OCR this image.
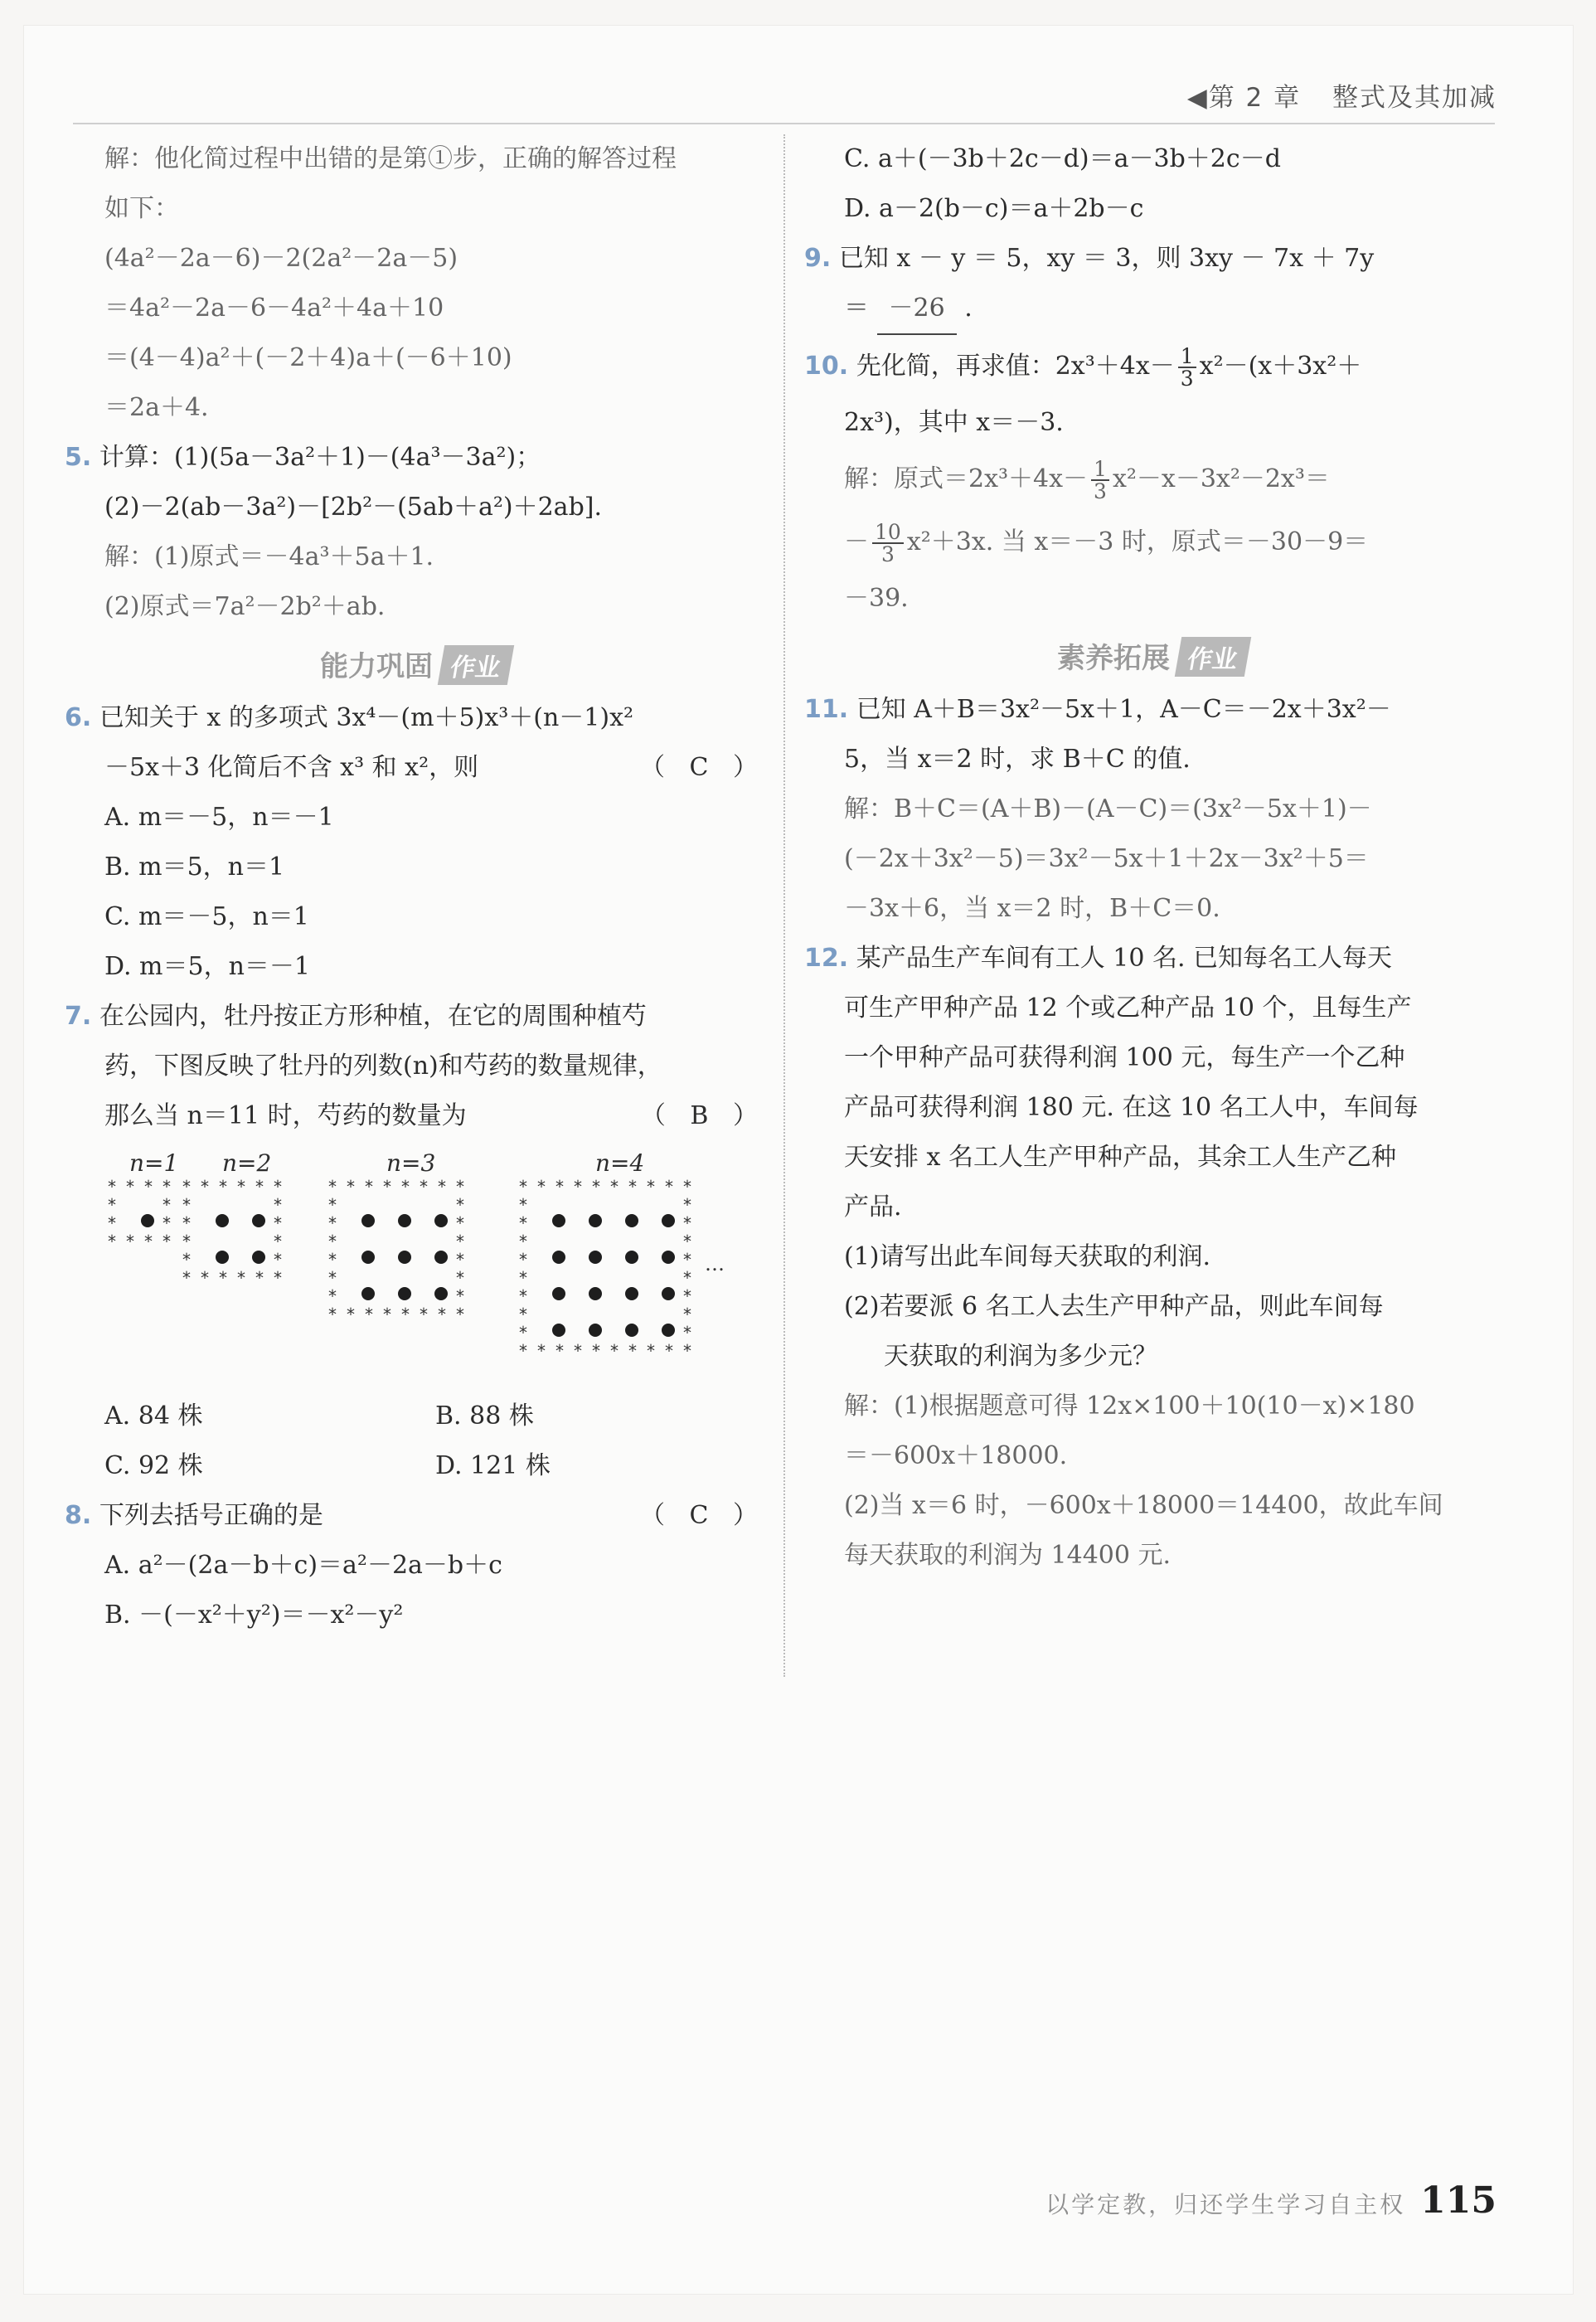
◀第 2 章 整式及其加减
解：他化简过程中出错的是第①步，正确的解答过程
如下：
(4a²－2a－6)－2(2a²－2a－5)
＝4a²－2a－6－4a²＋4a＋10
＝(4－4)a²＋(－2＋4)a＋(－6＋10)
＝2a＋4.
5. 计算：(1)(5a－3a²＋1)－(4a³－3a²)；
(2)－2(ab－3a²)－[2b²－(5ab＋a²)＋2ab].
解：(1)原式＝－4a³＋5a＋1.
(2)原式＝7a²－2b²＋ab.
能力巩固 作业
6. 已知关于 x 的多项式 3x⁴－(m＋5)x³＋(n－1)x²
－5x＋3 化简后不含 x³ 和 x²，则	（ C ）
A. m＝－5，n＝－1
B. m＝5，n＝1
C. m＝－5，n＝1
D. m＝5，n＝－1
7. 在公园内，牡丹按正方形种植，在它的周围种植芍
药，下图反映了牡丹的列数(n)和芍药的数量规律，
那么当 n＝11 时，芍药的数量为	（ B ）
n=1
* * * *
*	*
*	*
* * * *
n=2
* * * * * *
*	*
*	*
*	*
*	*
* * * * * *
n=3
* * * * * * * *
*	*
*	*
*	*
*	*
*	*
*	*
* * * * * * * *
n=4
* * * * * * * * * *
*	*
*	*
*	*
*	*
*	*
*	*
*	*
*	*
* * * * * * * * * *
…
A. 84 株	B. 88 株
C. 92 株	D. 121 株
8. 下列去括号正确的是	（ C ）
A. a²－(2a－b＋c)＝a²－2a－b＋c
B. －(－x²＋y²)＝－x²－y²
C. a＋(－3b＋2c－d)＝a－3b＋2c－d
D. a－2(b－c)＝a＋2b－c
9. 已知 x － y ＝ 5，xy ＝ 3，则 3xy － 7x ＋ 7y
＝ －26 .
10. 先化简，再求值：$2x^3+4x- \frac{1}{3} x^2-(x+3x^2+$
2x³)，其中 x＝－3.
解：原式$=2x^3+4x- \frac{1}{3} x^2-x-3x^2-2x^3=$
－ $\frac{10}{3} x^2+3x$. 当 x＝－3 时，原式＝－30－9＝
－39.
素养拓展 作业
11. 已知 A＋B＝3x²－5x＋1，A－C＝－2x＋3x²－
5，当 x＝2 时，求 B＋C 的值.
解：B＋C＝(A＋B)－(A－C)＝(3x²－5x＋1)－
(－2x＋3x²－5)＝3x²－5x＋1＋2x－3x²＋5＝
－3x＋6，当 x＝2 时，B＋C＝0.
12. 某产品生产车间有工人 10 名. 已知每名工人每天
可生产甲种产品 12 个或乙种产品 10 个，且每生产
一个甲种产品可获得利润 100 元，每生产一个乙种
产品可获得利润 180 元. 在这 10 名工人中，车间每
天安排 x 名工人生产甲种产品，其余工人生产乙种
产品.
(1)请写出此车间每天获取的利润.
(2)若要派 6 名工人去生产甲种产品，则此车间每
天获取的利润为多少元？
解：(1)根据题意可得 12x×100＋10(10－x)×180
＝－600x＋18000.
(2)当 x＝6 时，－600x＋18000＝14400，故此车间
每天获取的利润为 14400 元.
以学定教，归还学生学习自主权 115
